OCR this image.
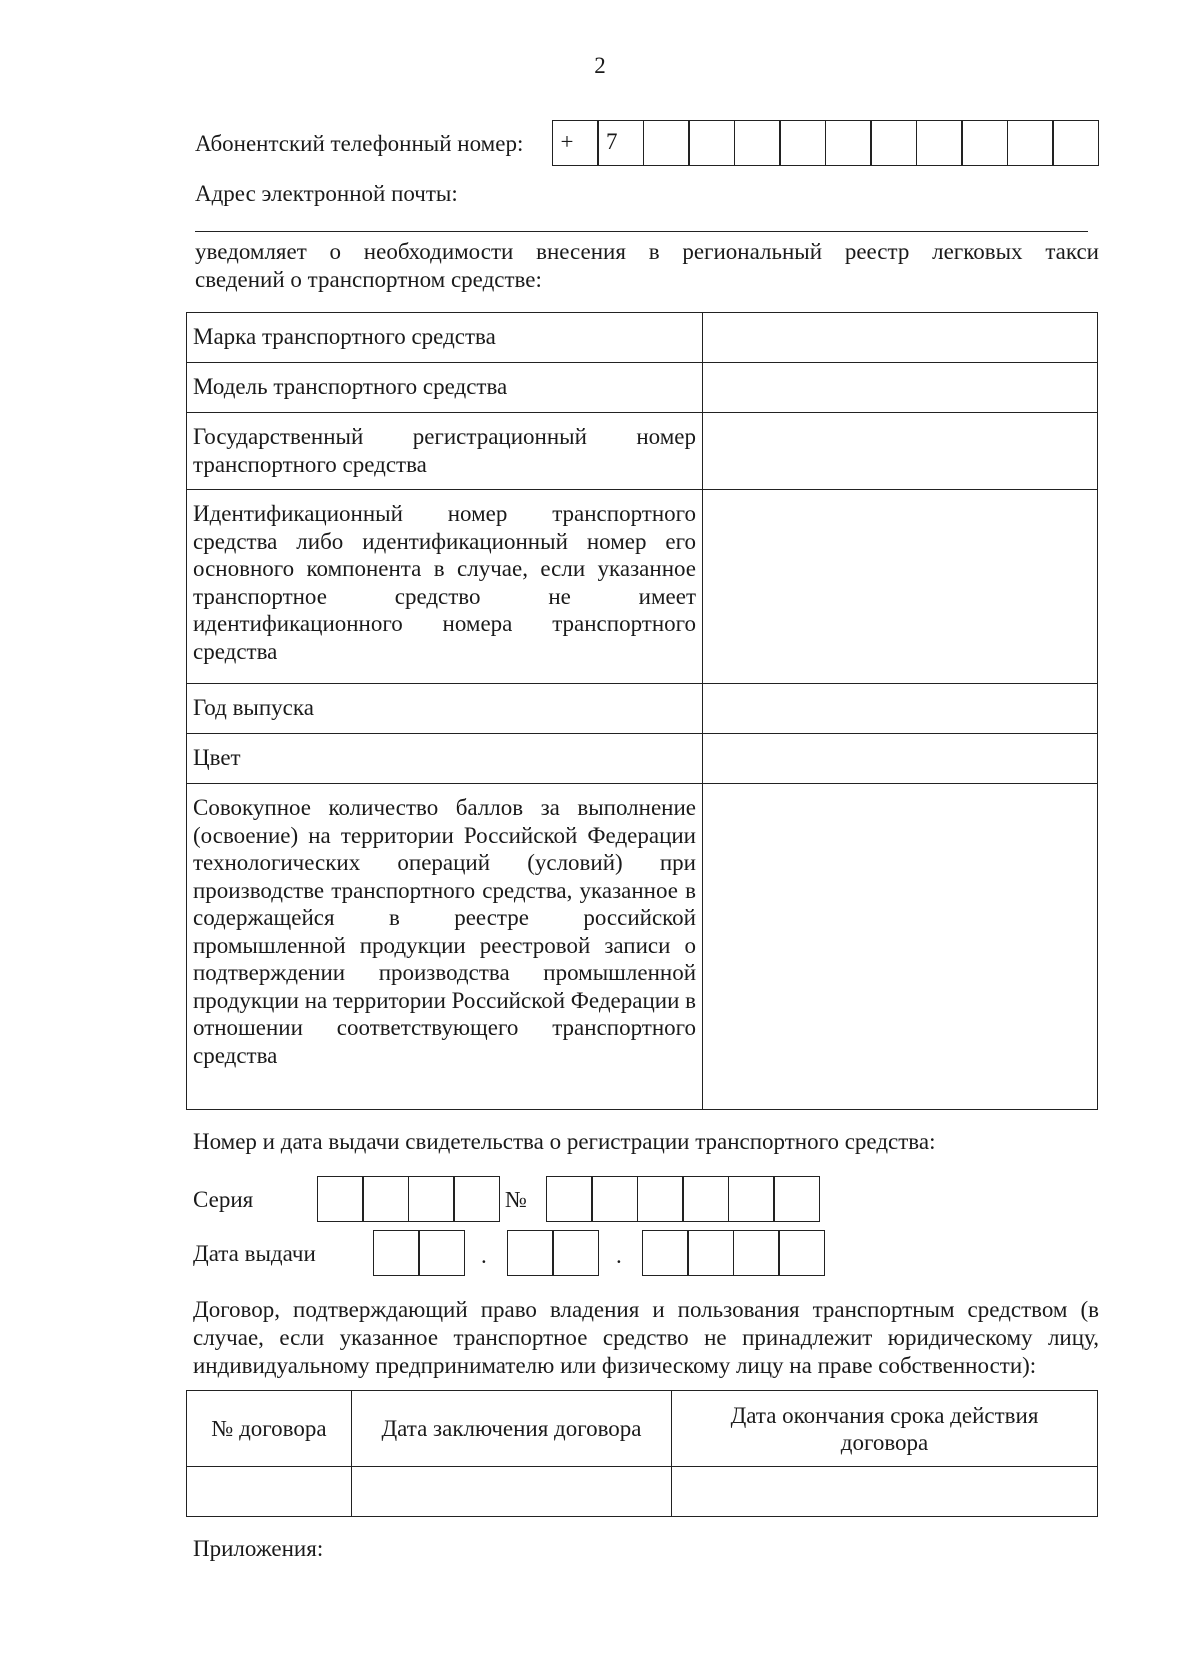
2
Абонентский телефонный номер:	+	7
Адрес электронной почты:
уведомляет о необходимости внесения в региональный реестр легковых такси
сведений о транспортном средстве:
Марка транспортного средства	
Модель транспортного средства	
Государственный регистрационный номер транспортного средства	
Идентификационный номер транспортного средства либо идентификационный номер его основного компонента в случае, если указанное транспортное средство не имеет идентификационного номера транспортного средства	
Год выпуска	
Цвет	
Совокупное количество баллов за выполнение (освоение) на территории Российской Федерации технологических операций (условий) при производстве транспортного средства, указанное в содержащейся в реестре российской промышленной продукции реестровой записи о подтверждении производства промышленной продукции на территории Российской Федерации в отношении соответствующего транспортного средства	
Номер и дата выдачи свидетельства о регистрации транспортного средства:
Серия	№
Дата выдачи	.	.
Договор, подтверждающий право владения и пользования транспортным средством (в
случае, если указанное транспортное средство не принадлежит юридическому лицу,
индивидуальному предпринимателю или физическому лицу на праве собственности):
№ договора	Дата заключения договора	Дата окончания срока действия договора

Приложения:
